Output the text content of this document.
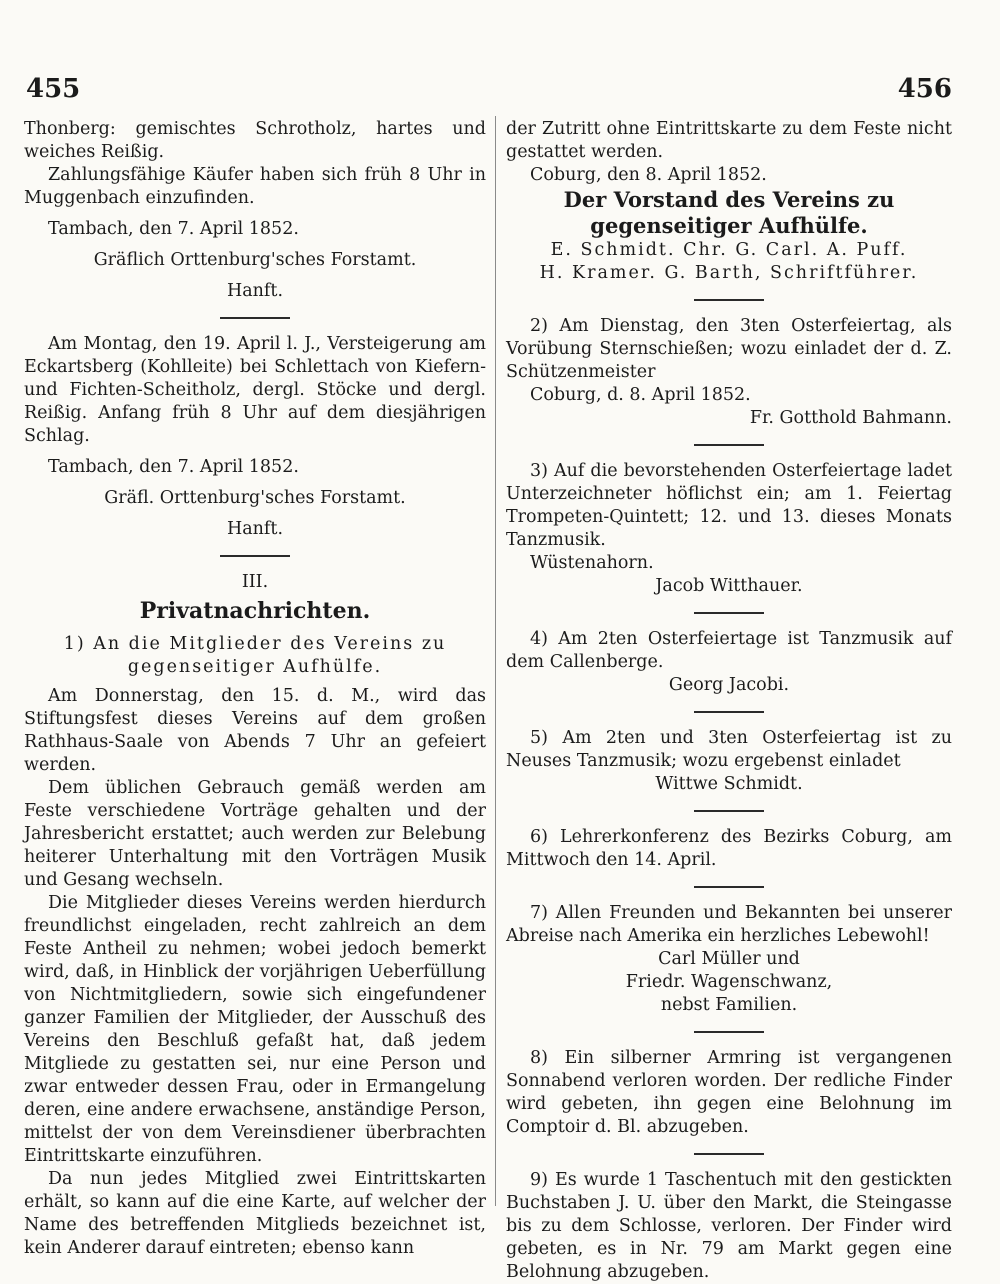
455	456

Thonberg: gemischtes Schrotholz, hartes und weiches Reißig.

Zahlungsfähige Käufer haben sich früh 8 Uhr in Muggenbach einzufinden.

Tambach, den 7. April 1852.

Gräflich Orttenburg'sches Forstamt.

Hanft.

Am Montag, den 19. April l. J., Versteigerung am Eckartsberg (Kohlleite) bei Schlettach von Kiefern- und Fichten-Scheitholz, dergl. Stöcke und dergl. Reißig. Anfang früh 8 Uhr auf dem diesjährigen Schlag.

Tambach, den 7. April 1852.

Gräfl. Orttenburg'sches Forstamt.

Hanft.

III.

Privatnachrichten.

1) An die Mitglieder des Vereins zu gegenseitiger Aufhülfe.

Am Donnerstag, den 15. d. M., wird das Stiftungsfest dieses Vereins auf dem großen Rathhaus-Saale von Abends 7 Uhr an gefeiert werden.

Dem üblichen Gebrauch gemäß werden am Feste verschiedene Vorträge gehalten und der Jahresbericht erstattet; auch werden zur Belebung heiterer Unterhaltung mit den Vorträgen Musik und Gesang wechseln.

Die Mitglieder dieses Vereins werden hierdurch freundlichst eingeladen, recht zahlreich an dem Feste Antheil zu nehmen; wobei jedoch bemerkt wird, daß, in Hinblick der vorjährigen Ueberfüllung von Nichtmitgliedern, sowie sich eingefundener ganzer Familien der Mitglieder, der Ausschuß des Vereins den Beschluß gefaßt hat, daß jedem Mitgliede zu gestatten sei, nur eine Person und zwar entweder dessen Frau, oder in Ermangelung deren, eine andere erwachsene, anständige Person, mittelst der von dem Vereinsdiener überbrachten Eintrittskarte einzuführen.

Da nun jedes Mitglied zwei Eintrittskarten erhält, so kann auf die eine Karte, auf welcher der Name des betreffenden Mitglieds bezeichnet ist, kein Anderer darauf eintreten; ebenso kann

der Zutritt ohne Eintrittskarte zu dem Feste nicht gestattet werden.

Coburg, den 8. April 1852.

Der Vorstand des Vereins zu gegenseitiger Aufhülfe.

E. Schmidt. Chr. G. Carl. A. Puff.

H. Kramer. G. Barth, Schriftführer.

2) Am Dienstag, den 3ten Osterfeiertag, als Vorübung Sternschießen; wozu einladet der d. Z. Schützenmeister

Coburg, d. 8. April 1852.

Fr. Gotthold Bahmann.

3) Auf die bevorstehenden Osterfeiertage ladet Unterzeichneter höflichst ein; am 1. Feiertag Trompeten-Quintett; 12. und 13. dieses Monats Tanzmusik.

Wüstenahorn.

Jacob Witthauer.

4) Am 2ten Osterfeiertage ist Tanzmusik auf dem Callenberge.

Georg Jacobi.

5) Am 2ten und 3ten Osterfeiertag ist zu Neuses Tanzmusik; wozu ergebenst einladet

Wittwe Schmidt.

6) Lehrerkonferenz des Bezirks Coburg, am Mittwoch den 14. April.

7) Allen Freunden und Bekannten bei unserer Abreise nach Amerika ein herzliches Lebewohl!

Carl Müller und

Friedr. Wagenschwanz,

nebst Familien.

8) Ein silberner Armring ist vergangenen Sonnabend verloren worden. Der redliche Finder wird gebeten, ihn gegen eine Belohnung im Comptoir d. Bl. abzugeben.

9) Es wurde 1 Taschentuch mit den gestickten Buchstaben J. U. über den Markt, die Steingasse bis zu dem Schlosse, verloren. Der Finder wird gebeten, es in Nr. 79 am Markt gegen eine Belohnung abzugeben.
